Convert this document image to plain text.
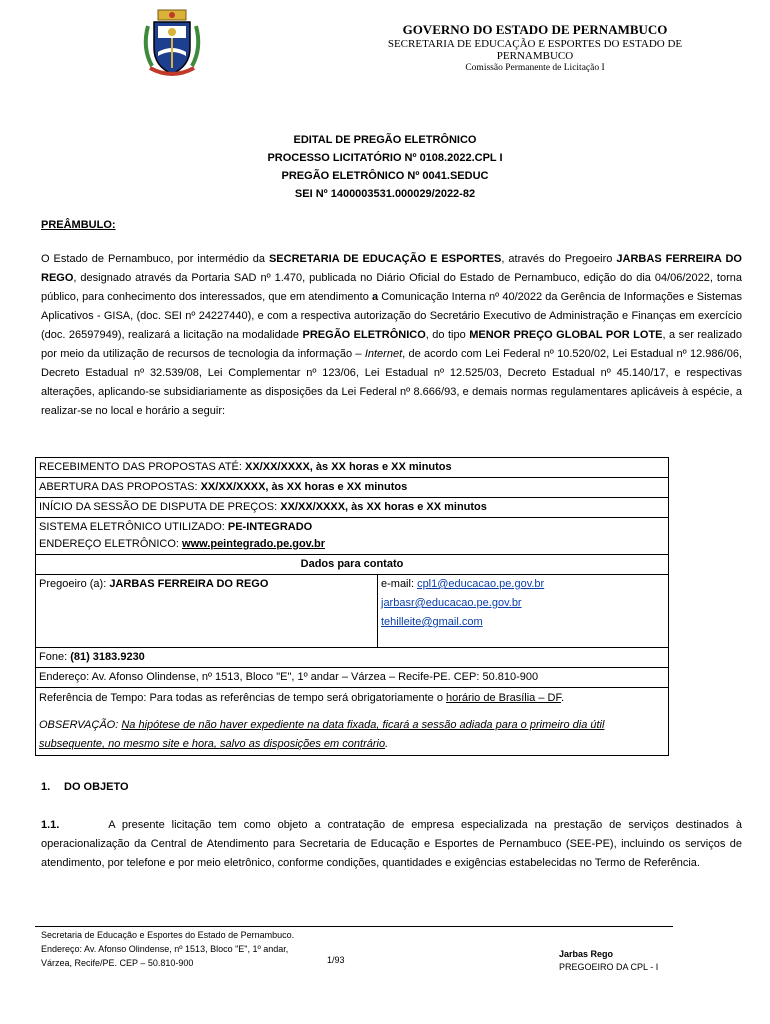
GOVERNO DO ESTADO DE PERNAMBUCO
SECRETARIA DE EDUCAÇÃO E ESPORTES DO ESTADO DE PERNAMBUCO
Comissão Permanente de Licitação I
EDITAL DE PREGÃO ELETRÔNICO
PROCESSO LICITATÓRIO Nº 0108.2022.CPL I
PREGÃO ELETRÔNICO Nº 0041.SEDUC
SEI Nº 1400003531.000029/2022-82
PREÂMBULO:
O Estado de Pernambuco, por intermédio da SECRETARIA DE EDUCAÇÃO E ESPORTES, através do Pregoeiro JARBAS FERREIRA DO REGO, designado através da Portaria SAD nº 1.470, publicada no Diário Oficial do Estado de Pernambuco, edição do dia 04/06/2022, torna público, para conhecimento dos interessados, que em atendimento a Comunicação Interna nº 40/2022 da Gerência de Informações e Sistemas Aplicativos - GISA, (doc. SEI nº 24227440), e com a respectiva autorização do Secretário Executivo de Administração e Finanças em exercício (doc. 26597949), realizará a licitação na modalidade PREGÃO ELETRÔNICO, do tipo MENOR PREÇO GLOBAL POR LOTE, a ser realizado por meio da utilização de recursos de tecnologia da informação – Internet, de acordo com Lei Federal nº 10.520/02, Lei Estadual nº 12.986/06, Decreto Estadual nº 32.539/08, Lei Complementar nº 123/06, Lei Estadual nº 12.525/03, Decreto Estadual nº 45.140/17, e respectivas alterações, aplicando-se subsidiariamente as disposições da Lei Federal nº 8.666/93, e demais normas regulamentares aplicáveis à espécie, a realizar-se no local e horário a seguir:
RECEBIMENTO DAS PROPOSTAS ATÉ: XX/XX/XXXX, às XX horas e XX minutos
ABERTURA DAS PROPOSTAS: XX/XX/XXXX, às XX horas e XX minutos
INÍCIO DA SESSÃO DE DISPUTA DE PREÇOS: XX/XX/XXXX, às XX horas e XX minutos

SISTEMA ELETRÔNICO UTILIZADO: PE-INTEGRADO
ENDEREÇO ELETRÔNICO: www.peintegrado.pe.gov.br

Dados para contato
Pregoeiro (a): JARBAS FERREIRA DO REGO	e-mail: cpl1@educacao.pe.gov.br
jarbasr@educacao.pe.gov.br
tehilleite@gmail.com

Fone: (81) 3183.9230
Endereço: Av. Afonso Olindense, nº 1513, Bloco "E", 1º andar – Várzea – Recife-PE. CEP: 50.810-900

Referência de Tempo: Para todas as referências de tempo será obrigatoriamente o horário de Brasília – DF.
OBSERVAÇÃO: Na hipótese de não haver expediente na data fixada, ficará a sessão adiada para o primeiro dia útil subsequente, no mesmo site e hora, salvo as disposições em contrário.
1. DO OBJETO
1.1.	A presente licitação tem como objeto a contratação de empresa especializada na prestação de serviços destinados à operacionalização da Central de Atendimento para Secretaria de Educação e Esportes de Pernambuco (SEE-PE), incluindo os serviços de atendimento, por telefone e por meio eletrônico, conforme condições, quantidades e exigências estabelecidas no Termo de Referência.
Secretaria de Educação e Esportes do Estado de Pernambuco. Endereço: Av. Afonso Olindense, nº 1513, Bloco "E", 1º andar, Várzea, Recife/PE. CEP – 50.810-900	1/93
Jarbas Rego
PREGOEIRO DA CPL - I
